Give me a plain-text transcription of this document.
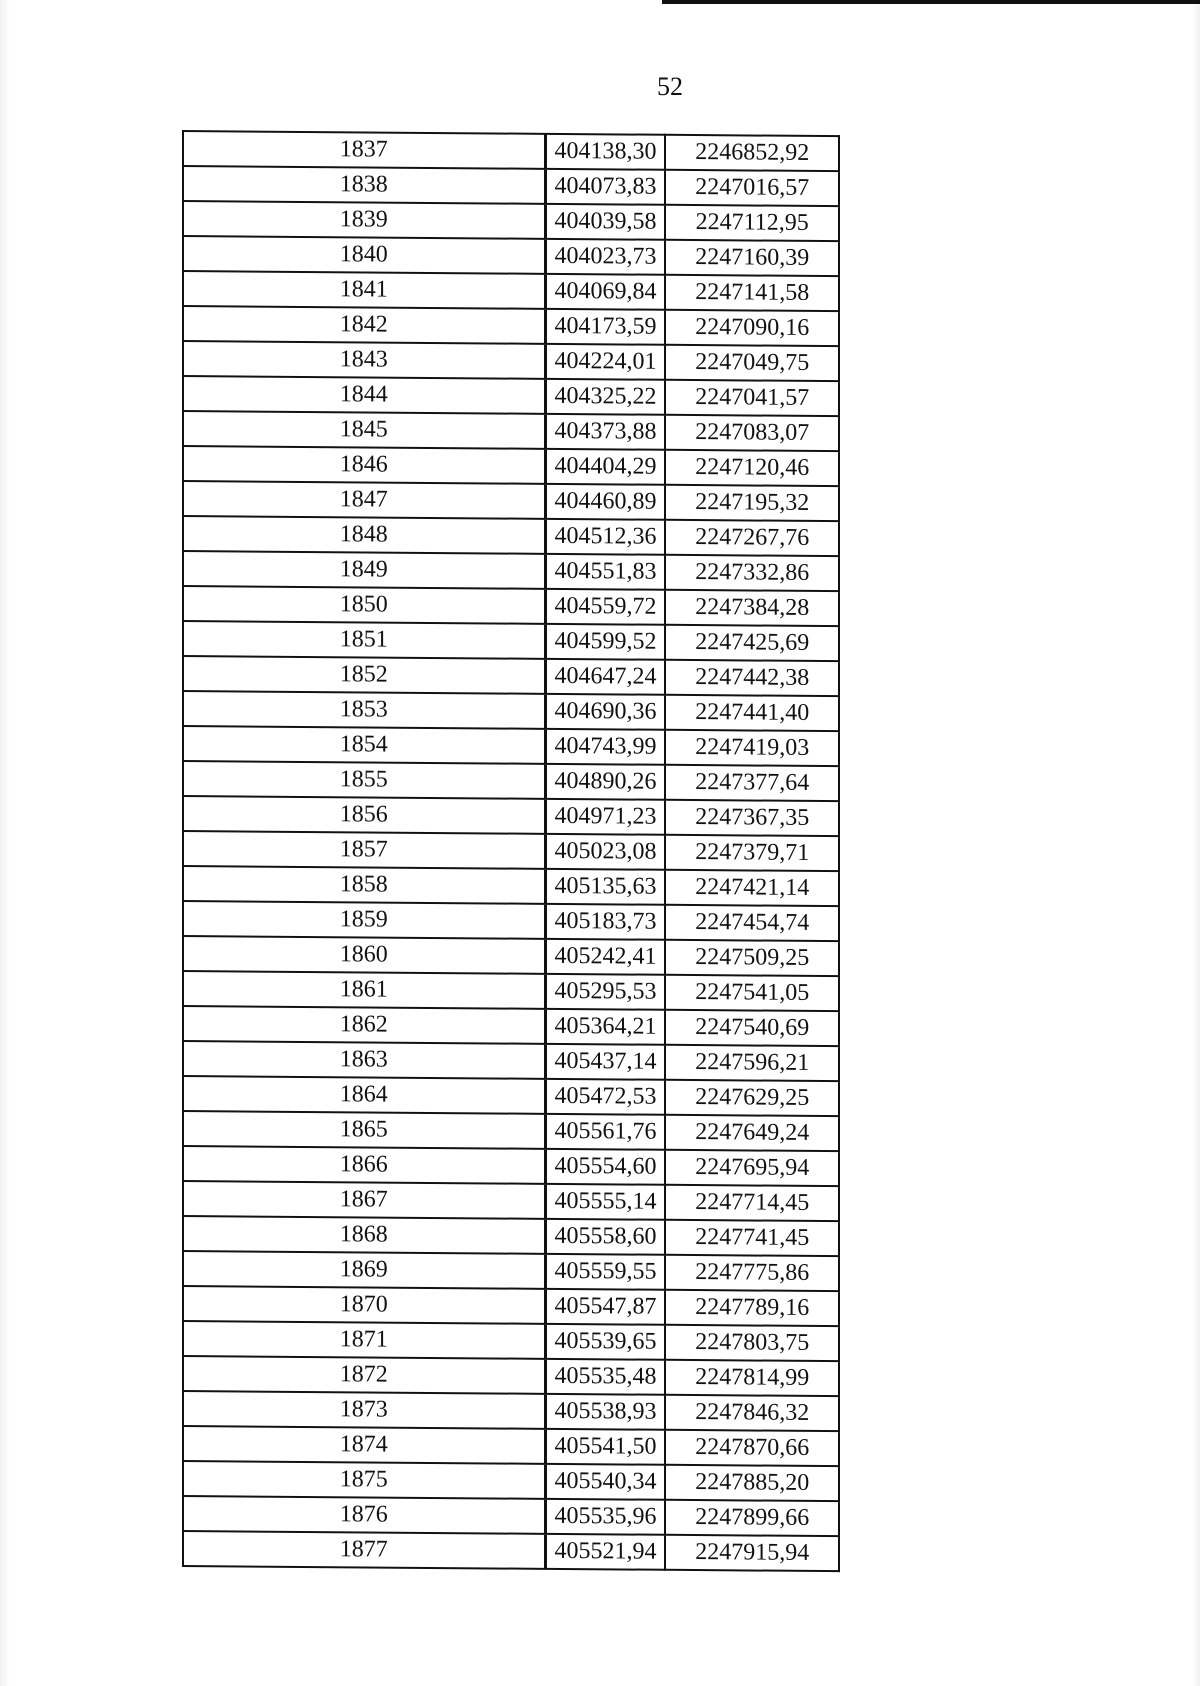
52
1837	404138,30	2246852,92
1838	404073,83	2247016,57
1839	404039,58	2247112,95
1840	404023,73	2247160,39
1841	404069,84	2247141,58
1842	404173,59	2247090,16
1843	404224,01	2247049,75
1844	404325,22	2247041,57
1845	404373,88	2247083,07
1846	404404,29	2247120,46
1847	404460,89	2247195,32
1848	404512,36	2247267,76
1849	404551,83	2247332,86
1850	404559,72	2247384,28
1851	404599,52	2247425,69
1852	404647,24	2247442,38
1853	404690,36	2247441,40
1854	404743,99	2247419,03
1855	404890,26	2247377,64
1856	404971,23	2247367,35
1857	405023,08	2247379,71
1858	405135,63	2247421,14
1859	405183,73	2247454,74
1860	405242,41	2247509,25
1861	405295,53	2247541,05
1862	405364,21	2247540,69
1863	405437,14	2247596,21
1864	405472,53	2247629,25
1865	405561,76	2247649,24
1866	405554,60	2247695,94
1867	405555,14	2247714,45
1868	405558,60	2247741,45
1869	405559,55	2247775,86
1870	405547,87	2247789,16
1871	405539,65	2247803,75
1872	405535,48	2247814,99
1873	405538,93	2247846,32
1874	405541,50	2247870,66
1875	405540,34	2247885,20
1876	405535,96	2247899,66
1877	405521,94	2247915,94
